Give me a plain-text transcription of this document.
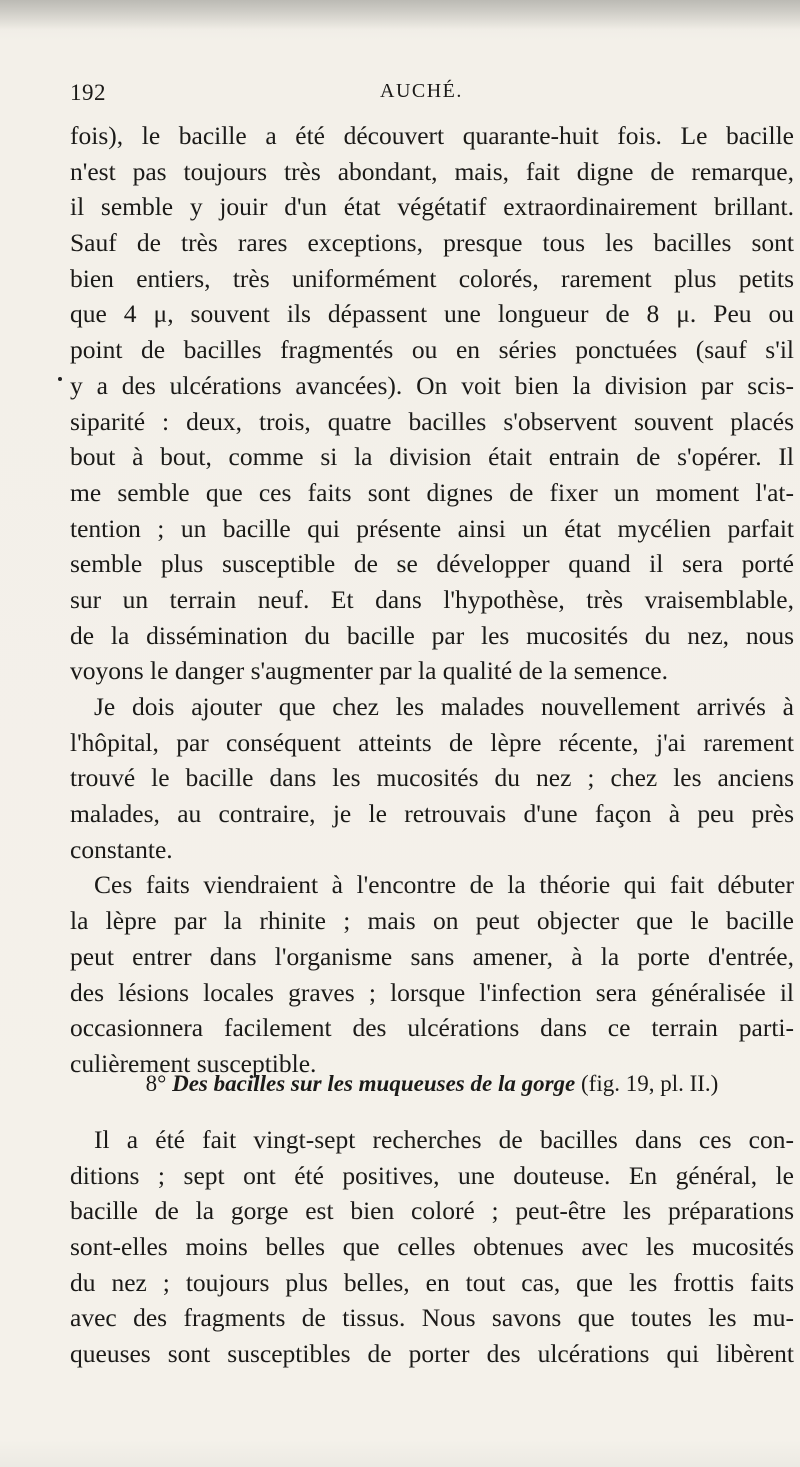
192	AUCHÉ.
fois), le bacille a été découvert quarante-huit fois. Le bacille
n'est pas toujours très abondant, mais, fait digne de remarque,
il semble y jouir d'un état végétatif extraordinairement brillant.
Sauf de très rares exceptions, presque tous les bacilles sont
bien entiers, très uniformément colorés, rarement plus petits
que 4 μ, souvent ils dépassent une longueur de 8 μ. Peu ou
point de bacilles fragmentés ou en séries ponctuées (sauf s'il
y a des ulcérations avancées). On voit bien la division par scis-
siparité : deux, trois, quatre bacilles s'observent souvent placés
bout à bout, comme si la division était entrain de s'opérer. Il
me semble que ces faits sont dignes de fixer un moment l'at-
tention ; un bacille qui présente ainsi un état mycélien parfait
semble plus susceptible de se développer quand il sera porté
sur un terrain neuf. Et dans l'hypothèse, très vraisemblable,
de la dissémination du bacille par les mucosités du nez, nous
voyons le danger s'augmenter par la qualité de la semence.
Je dois ajouter que chez les malades nouvellement arrivés à
l'hôpital, par conséquent atteints de lèpre récente, j'ai rarement
trouvé le bacille dans les mucosités du nez ; chez les anciens
malades, au contraire, je le retrouvais d'une façon à peu près
constante.
Ces faits viendraient à l'encontre de la théorie qui fait débuter
la lèpre par la rhinite ; mais on peut objecter que le bacille
peut entrer dans l'organisme sans amener, à la porte d'entrée,
des lésions locales graves ; lorsque l'infection sera généralisée il
occasionnera facilement des ulcérations dans ce terrain parti-
culièrement susceptible.
8° Des bacilles sur les muqueuses de la gorge (fig. 19, pl. II.)
Il a été fait vingt-sept recherches de bacilles dans ces con-
ditions ; sept ont été positives, une douteuse. En général, le
bacille de la gorge est bien coloré ; peut-être les préparations
sont-elles moins belles que celles obtenues avec les mucosités
du nez ; toujours plus belles, en tout cas, que les frottis faits
avec des fragments de tissus. Nous savons que toutes les mu-
queuses sont susceptibles de porter des ulcérations qui libèrent
